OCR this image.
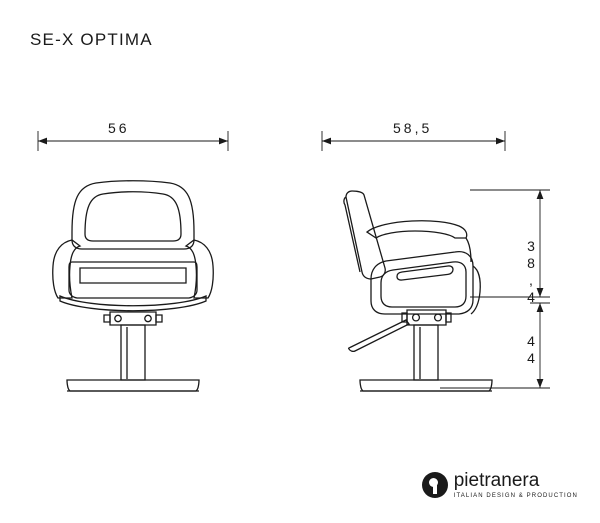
SE-X OPTIMA
56	58,5
38,4
44
pietranera
ITALIAN DESIGN & PRODUCTION
